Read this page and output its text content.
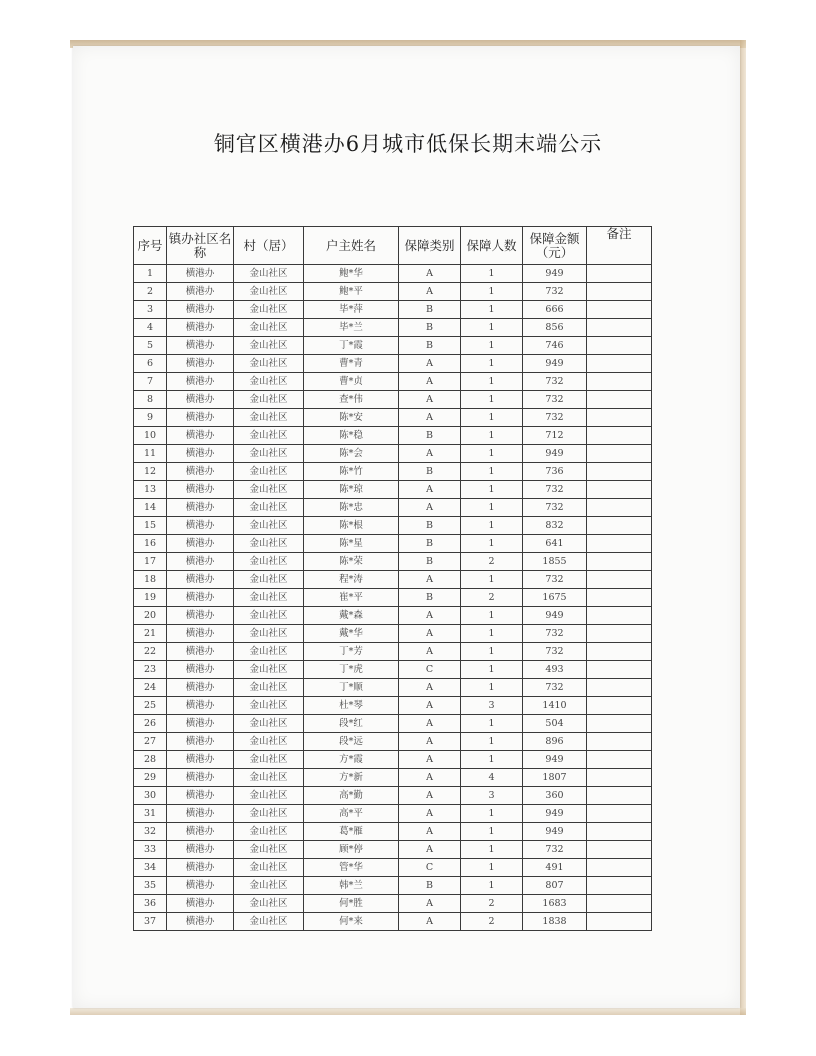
铜官区横港办6月城市低保长期末端公示
序号	镇办社区名称	村（居）	户主姓名	保障类别	保障人数	保障金额（元）	备注
1	横港办	金山社区	鲍*华	A	1	949	
2	横港办	金山社区	鲍*平	A	1	732	
3	横港办	金山社区	毕*萍	B	1	666	
4	横港办	金山社区	毕*兰	B	1	856	
5	横港办	金山社区	丁*霞	B	1	746	
6	横港办	金山社区	曹*青	A	1	949	
7	横港办	金山社区	曹*贞	A	1	732	
8	横港办	金山社区	查*伟	A	1	732	
9	横港办	金山社区	陈*安	A	1	732	
10	横港办	金山社区	陈*稳	B	1	712	
11	横港办	金山社区	陈*会	A	1	949	
12	横港办	金山社区	陈*竹	B	1	736	
13	横港办	金山社区	陈*琼	A	1	732	
14	横港办	金山社区	陈*忠	A	1	732	
15	横港办	金山社区	陈*根	B	1	832	
16	横港办	金山社区	陈*星	B	1	641	
17	横港办	金山社区	陈*荣	B	2	1855	
18	横港办	金山社区	程*涛	A	1	732	
19	横港办	金山社区	崔*平	B	2	1675	
20	横港办	金山社区	戴*森	A	1	949	
21	横港办	金山社区	戴*华	A	1	732	
22	横港办	金山社区	丁*芳	A	1	732	
23	横港办	金山社区	丁*虎	C	1	493	
24	横港办	金山社区	丁*顺	A	1	732	
25	横港办	金山社区	杜*琴	A	3	1410	
26	横港办	金山社区	段*红	A	1	504	
27	横港办	金山社区	段*远	A	1	896	
28	横港办	金山社区	方*霞	A	1	949	
29	横港办	金山社区	方*新	A	4	1807	
30	横港办	金山社区	高*勤	A	3	360	
31	横港办	金山社区	高*平	A	1	949	
32	横港办	金山社区	葛*雁	A	1	949	
33	横港办	金山社区	顾*停	A	1	732	
34	横港办	金山社区	管*华	C	1	491	
35	横港办	金山社区	韩*兰	B	1	807	
36	横港办	金山社区	何*胜	A	2	1683	
37	横港办	金山社区	何*来	A	2	1838	
